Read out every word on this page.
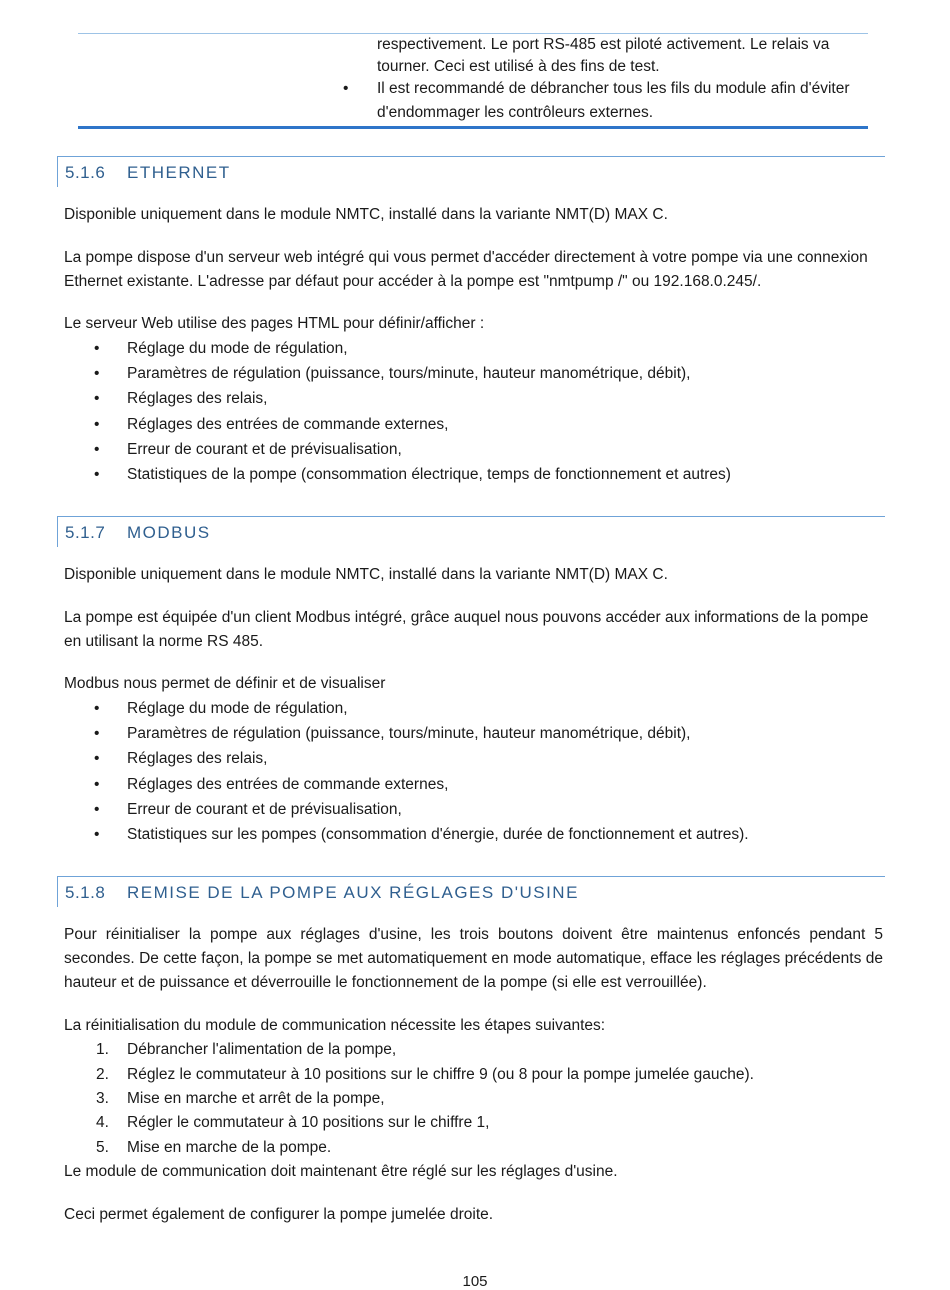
respectivement. Le port RS-485 est piloté activement. Le relais va
tourner. Ceci est utilisé à des fins de test.
•	Il est recommandé de débrancher tous les fils du module afin d'éviter d'endommager les contrôleurs externes.
5.1.6 ETHERNET
Disponible uniquement dans le module NMTC, installé dans la variante NMT(D) MAX C.
La pompe dispose d'un serveur web intégré qui vous permet d'accéder directement à votre pompe via une connexion Ethernet existante. L'adresse par défaut pour accéder à la pompe est "nmtpump /" ou 192.168.0.245/.
Le serveur Web utilise des pages HTML pour définir/afficher :
• Réglage du mode de régulation,
• Paramètres de régulation (puissance, tours/minute, hauteur manométrique, débit),
• Réglages des relais,
• Réglages des entrées de commande externes,
• Erreur de courant et de prévisualisation,
• Statistiques de la pompe (consommation électrique, temps de fonctionnement et autres)
5.1.7 MODBUS
Disponible uniquement dans le module NMTC, installé dans la variante NMT(D) MAX C.
La pompe est équipée d'un client Modbus intégré, grâce auquel nous pouvons accéder aux informations de la pompe en utilisant la norme RS 485.
Modbus nous permet de définir et de visualiser
• Réglage du mode de régulation,
• Paramètres de régulation (puissance, tours/minute, hauteur manométrique, débit),
• Réglages des relais,
• Réglages des entrées de commande externes,
• Erreur de courant et de prévisualisation,
• Statistiques sur les pompes (consommation d'énergie, durée de fonctionnement et autres).
5.1.8 REMISE DE LA POMPE AUX RÉGLAGES D'USINE
Pour réinitialiser la pompe aux réglages d'usine, les trois boutons doivent être maintenus enfoncés pendant 5 secondes. De cette façon, la pompe se met automatiquement en mode automatique, efface les réglages précédents de hauteur et de puissance et déverrouille le fonctionnement de la pompe (si elle est verrouillée).
La réinitialisation du module de communication nécessite les étapes suivantes:
1. Débrancher l'alimentation de la pompe,
2. Réglez le commutateur à 10 positions sur le chiffre 9 (ou 8 pour la pompe jumelée gauche).
3. Mise en marche et arrêt de la pompe,
4. Régler le commutateur à 10 positions sur le chiffre 1,
5. Mise en marche de la pompe.
Le module de communication doit maintenant être réglé sur les réglages d'usine.
Ceci permet également de configurer la pompe jumelée droite.
105
